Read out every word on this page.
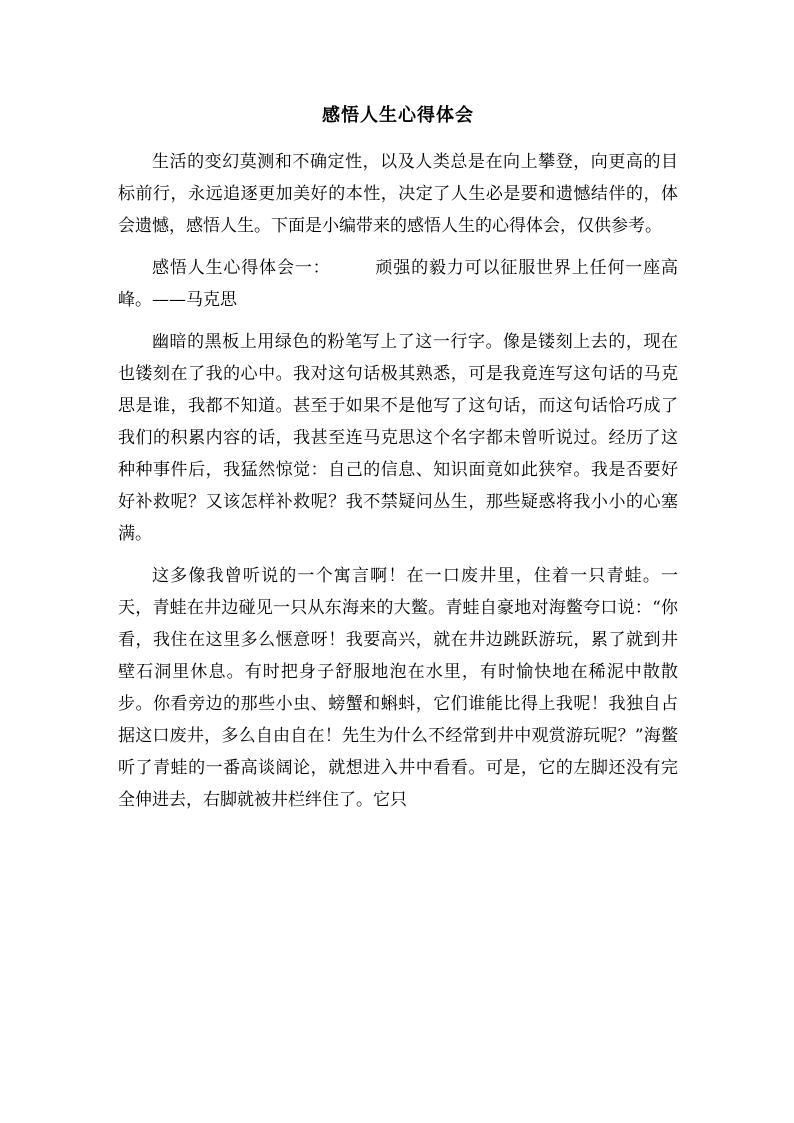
感悟人生心得体会

生活的变幻莫测和不确定性，以及人类总是在向上攀登，向更高的目标前行，永远追逐更加美好的本性，决定了人生必是要和遗憾结伴的，体会遗憾，感悟人生。下面是小编带来的感悟人生的心得体会，仅供参考。

感悟人生心得体会一：	顽强的毅力可以征服世界上任何一座高峰。——马克思

幽暗的黑板上用绿色的粉笔写上了这一行字。像是镂刻上去的，现在也镂刻在了我的心中。我对这句话极其熟悉，可是我竟连写这句话的马克思是谁，我都不知道。甚至于如果不是他写了这句话，而这句话恰巧成了我们的积累内容的话，我甚至连马克思这个名字都未曾听说过。经历了这种种事件后，我猛然惊觉：自己的信息、知识面竟如此狭窄。我是否要好好补救呢？又该怎样补救呢？我不禁疑问丛生，那些疑惑将我小小的心塞满。

这多像我曾听说的一个寓言啊！在一口废井里，住着一只青蛙。一天，青蛙在井边碰见一只从东海来的大鳖。青蛙自豪地对海鳖夸口说：“你看，我住在这里多么惬意呀！我要高兴，就在井边跳跃游玩，累了就到井壁石洞里休息。有时把身子舒服地泡在水里，有时愉快地在稀泥中散散步。你看旁边的那些小虫、螃蟹和蝌蚪，它们谁能比得上我呢！我独自占据这口废井，多么自由自在！先生为什么不经常到井中观赏游玩呢？”海鳖听了青蛙的一番高谈阔论，就想进入井中看看。可是，它的左脚还没有完全伸进去，右脚就被井栏绊住了。它只
